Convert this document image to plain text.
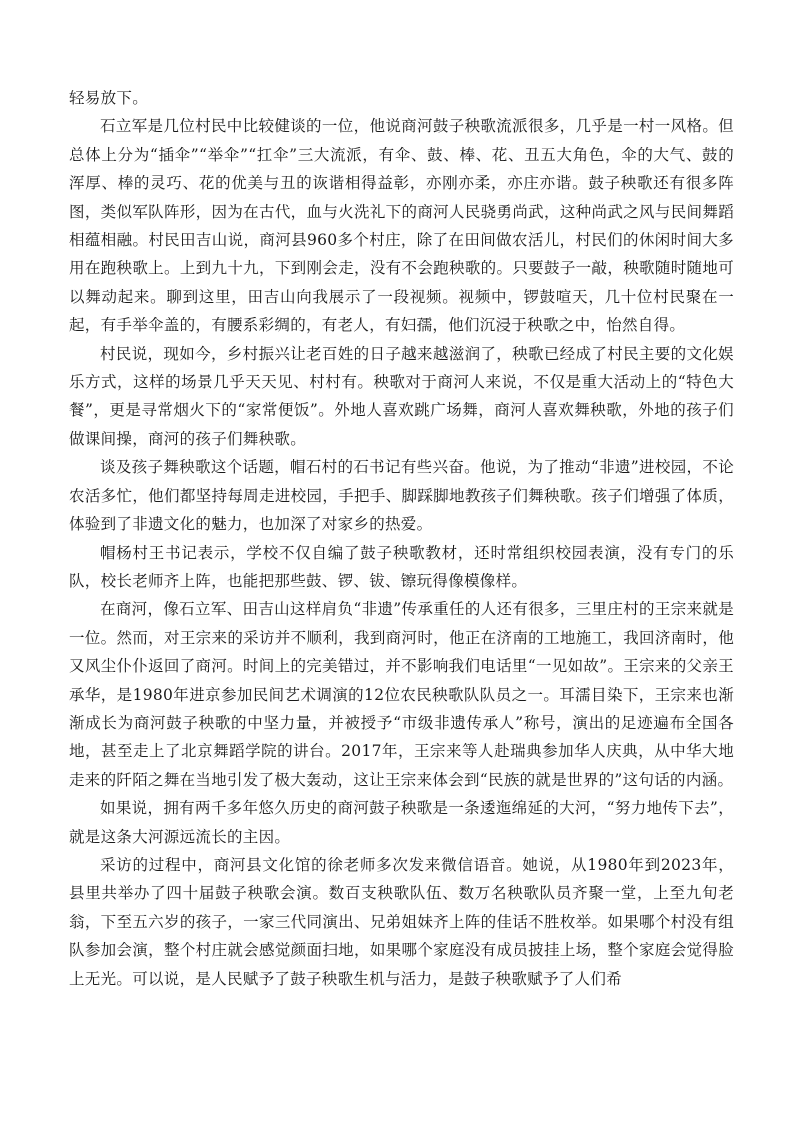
轻易放下。

石立军是几位村民中比较健谈的一位，他说商河鼓子秧歌流派很多，几乎是一村一风格。但总体上分为“插伞”“举伞”“扛伞”三大流派，有伞、鼓、棒、花、丑五大角色，伞的大气、鼓的浑厚、棒的灵巧、花的优美与丑的诙谐相得益彰，亦刚亦柔，亦庄亦谐。鼓子秧歌还有很多阵图，类似军队阵形，因为在古代，血与火洗礼下的商河人民骁勇尚武，这种尚武之风与民间舞蹈相蕴相融。村民田吉山说，商河县960多个村庄，除了在田间做农活儿，村民们的休闲时间大多用在跑秧歌上。上到九十九，下到刚会走，没有不会跑秧歌的。只要鼓子一敲，秧歌随时随地可以舞动起来。聊到这里，田吉山向我展示了一段视频。视频中，锣鼓喧天，几十位村民聚在一起，有手举伞盖的，有腰系彩绸的，有老人，有妇孺，他们沉浸于秧歌之中，怡然自得。

村民说，现如今，乡村振兴让老百姓的日子越来越滋润了，秧歌已经成了村民主要的文化娱乐方式，这样的场景几乎天天见、村村有。秧歌对于商河人来说，不仅是重大活动上的“特色大餐”，更是寻常烟火下的“家常便饭”。外地人喜欢跳广场舞，商河人喜欢舞秧歌，外地的孩子们做课间操，商河的孩子们舞秧歌。

谈及孩子舞秧歌这个话题，帽石村的石书记有些兴奋。他说，为了推动“非遗”进校园，不论农活多忙，他们都坚持每周走进校园，手把手、脚踩脚地教孩子们舞秧歌。孩子们增强了体质，体验到了非遗文化的魅力，也加深了对家乡的热爱。

帽杨村王书记表示，学校不仅自编了鼓子秧歌教材，还时常组织校园表演，没有专门的乐队，校长老师齐上阵，也能把那些鼓、锣、钹、镲玩得像模像样。

在商河，像石立军、田吉山这样肩负“非遗”传承重任的人还有很多，三里庄村的王宗来就是一位。然而，对王宗来的采访并不顺利，我到商河时，他正在济南的工地施工，我回济南时，他又风尘仆仆返回了商河。时间上的完美错过，并不影响我们电话里“一见如故”。王宗来的父亲王承华，是1980年进京参加民间艺术调演的12位农民秧歌队队员之一。耳濡目染下，王宗来也渐渐成长为商河鼓子秧歌的中坚力量，并被授予“市级非遗传承人”称号，演出的足迹遍布全国各地，甚至走上了北京舞蹈学院的讲台。2017年，王宗来等人赴瑞典参加华人庆典，从中华大地走来的阡陌之舞在当地引发了极大轰动，这让王宗来体会到“民族的就是世界的”这句话的内涵。

如果说，拥有两千多年悠久历史的商河鼓子秧歌是一条逶迤绵延的大河，“努力地传下去”，就是这条大河源远流长的主因。

采访的过程中，商河县文化馆的徐老师多次发来微信语音。她说，从1980年到2023年，县里共举办了四十届鼓子秧歌会演。数百支秧歌队伍、数万名秧歌队员齐聚一堂，上至九旬老翁，下至五六岁的孩子，一家三代同演出、兄弟姐妹齐上阵的佳话不胜枚举。如果哪个村没有组队参加会演，整个村庄就会感觉颜面扫地，如果哪个家庭没有成员披挂上场，整个家庭会觉得脸上无光。可以说，是人民赋予了鼓子秧歌生机与活力，是鼓子秧歌赋予了人们希
